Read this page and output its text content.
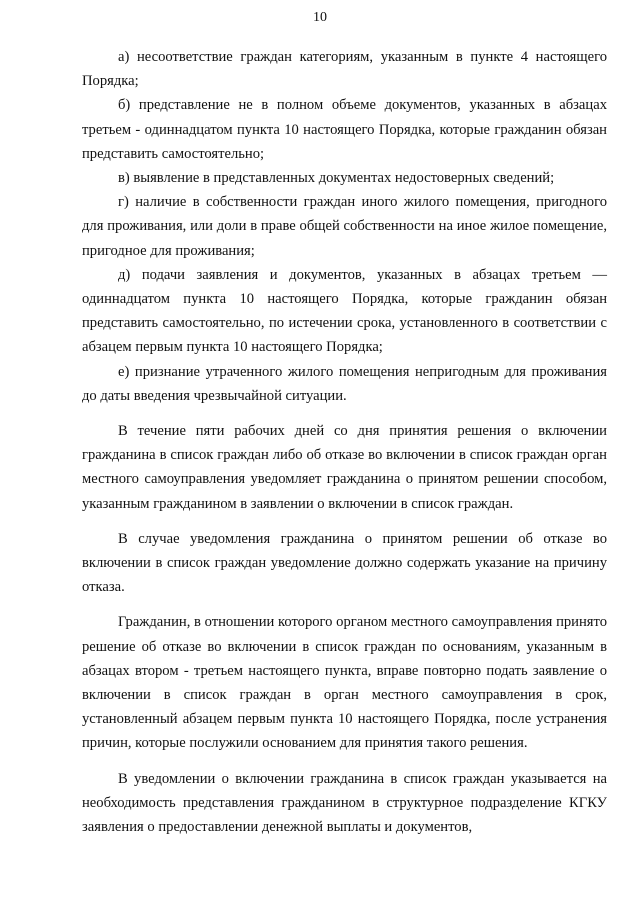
10

а) несоответствие граждан категориям, указанным в пункте 4 настоящего Порядка;

б) представление не в полном объеме документов, указанных в абзацах третьем - одиннадцатом пункта 10 настоящего Порядка, которые гражданин обязан представить самостоятельно;

в) выявление в представленных документах недостоверных сведений;

г) наличие в собственности граждан иного жилого помещения, пригодного для проживания, или доли в праве общей собственности на иное жилое помещение, пригодное для проживания;

д) подачи заявления и документов, указанных в абзацах третьем — одиннадцатом пункта 10 настоящего Порядка, которые гражданин обязан представить самостоятельно, по истечении срока, установленного в соответствии с абзацем первым пункта 10 настоящего Порядка;

е) признание утраченного жилого помещения непригодным для проживания до даты введения чрезвычайной ситуации.

В течение пяти рабочих дней со дня принятия решения о включении гражданина в список граждан либо об отказе во включении в список граждан орган местного самоуправления уведомляет гражданина о принятом решении способом, указанным гражданином в заявлении о включении в список граждан.

В случае уведомления гражданина о принятом решении об отказе во включении в список граждан уведомление должно содержать указание на причину отказа.

Гражданин, в отношении которого органом местного самоуправления принято решение об отказе во включении в список граждан по основаниям, указанным в абзацах втором - третьем настоящего пункта, вправе повторно подать заявление о включении в список граждан в орган местного самоуправления в срок, установленный абзацем первым пункта 10 настоящего Порядка, после устранения причин, которые послужили основанием для принятия такого решения.

В уведомлении о включении гражданина в список граждан указывается на необходимость представления гражданином в структурное подразделение КГКУ заявления о предоставлении денежной выплаты и документов,
